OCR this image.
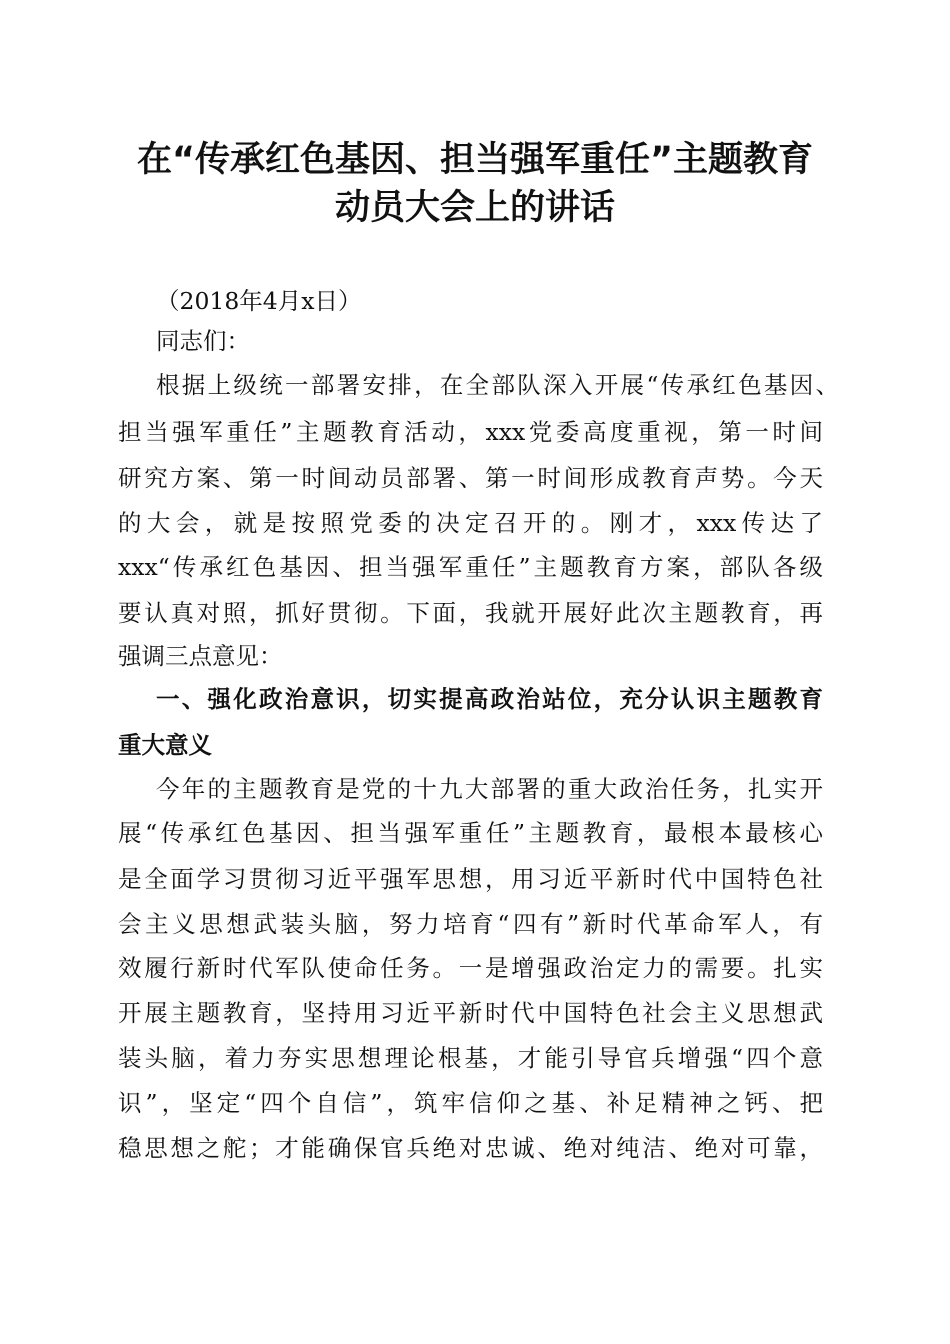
在“传承红色基因、担当强军重任”主题教育
动员大会上的讲话
（2018年4月x日）
同志们：
根据上级统一部署安排，在全部队深入开展“传承红色基因、
担当强军重任”主题教育活动，xxx党委高度重视，第一时间
研究方案、第一时间动员部署、第一时间形成教育声势。今天
的大会，就是按照党委的决定召开的。刚才，xxx传达了
xxx“传承红色基因、担当强军重任”主题教育方案，部队各级
要认真对照，抓好贯彻。下面，我就开展好此次主题教育，再
强调三点意见：
一、强化政治意识，切实提高政治站位，充分认识主题教育
重大意义
今年的主题教育是党的十九大部署的重大政治任务，扎实开
展“传承红色基因、担当强军重任”主题教育，最根本最核心
是全面学习贯彻习近平强军思想，用习近平新时代中国特色社
会主义思想武装头脑，努力培育“四有”新时代革命军人，有
效履行新时代军队使命任务。一是增强政治定力的需要。扎实
开展主题教育，坚持用习近平新时代中国特色社会主义思想武
装头脑，着力夯实思想理论根基，才能引导官兵增强“四个意
识”，坚定“四个自信”，筑牢信仰之基、补足精神之钙、把
稳思想之舵；才能确保官兵绝对忠诚、绝对纯洁、绝对可靠，
